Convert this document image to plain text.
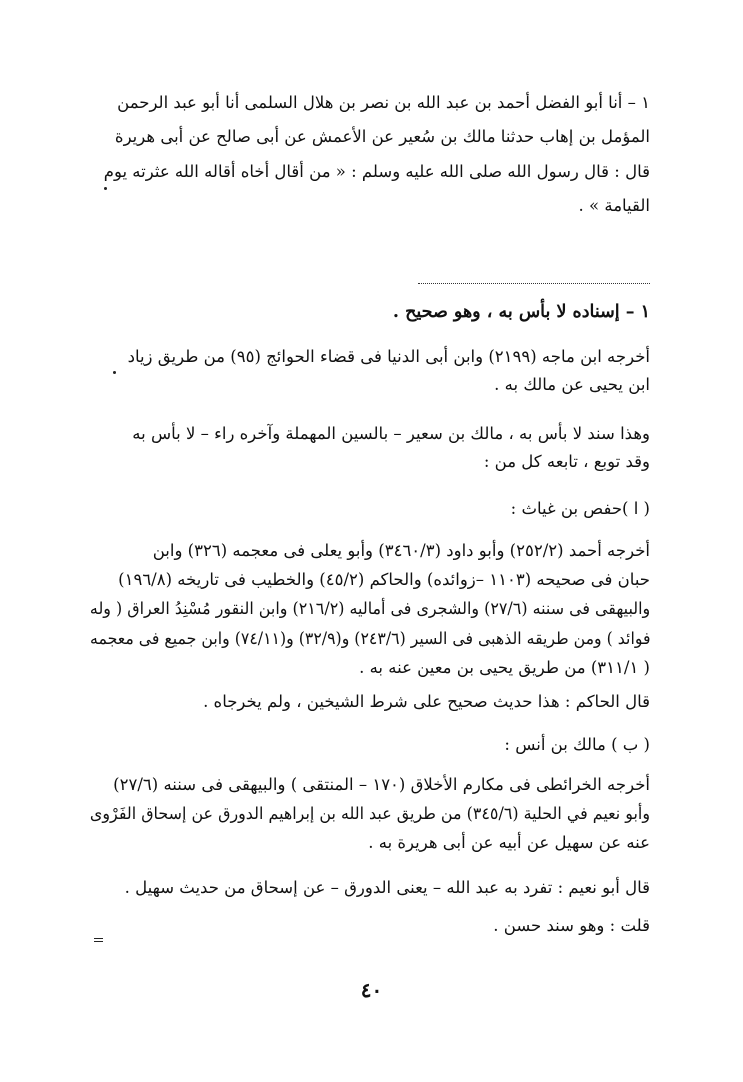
١ – أنا أبو الفضل أحمد بن عبد الله بن نصر بن هلال السلمى أنا أبو عبد الرحمن
المؤمل بن إهاب حدثنا مالك بن سُعير عن الأعمش عن أبى صالح عن أبى هريرة
قال : قال رسول الله صلى الله عليه وسلم : « من أقال أخاه أقاله الله عثرته يوم
القيامة » .
١ – إسناده لا بأس به ، وهو صحيح .
أخرجه ابن ماجه (٢١٩٩) وابن أبى الدنيا فى قضاء الحوائج (٩٥) من طريق زياد
ابن يحيى عن مالك به .
وهذا سند لا بأس به ، مالك بن سعير – بالسين المهملة وآخره راء – لا بأس به
وقد توبع ، تابعه كل من :
( ا )حفص بن غياث :
أخرجه أحمد (٢٥٢/٢) وأبو داود (٣٤٦٠/٣) وأبو يعلى فى معجمه (٣٢٦) وابن
حبان فى صحيحه (١١٠٣ –زوائده) والحاكم (٤٥/٢) والخطيب فى تاريخه (١٩٦/٨)
والبيهقى فى سننه (٢٧/٦) والشجرى فى أماليه (٢١٦/٢) وابن النقور مُسْنِدُ العراق ( وله
فوائد ) ومن طريقه الذهبى فى السير (٢٤٣/٦) و(٣٢/٩) و(٧٤/١١) وابن جميع فى معجمه
( ٣١١/١) من طريق يحيى بن معين عنه به .
قال الحاكم : هذا حديث صحيح على شرط الشيخين ، ولم يخرجاه .
( ب ) مالك بن أنس :
أخرجه الخرائطى فى مكارم الأخلاق (١٧٠ – المنتقى ) والبيهقى فى سننه (٢٧/٦)
وأبو نعيم في الحلية (٣٤٥/٦) من طريق عبد الله بن إبراهيم الدورق عن إسحاق الفَرْوى
عنه عن سهيل عن أبيه عن أبى هريرة به .
قال أبو نعيم : تفرد به عبد الله – يعنى الدورق – عن إسحاق من حديث سهيل .
قلت : وهو سند حسن .
٤٠
